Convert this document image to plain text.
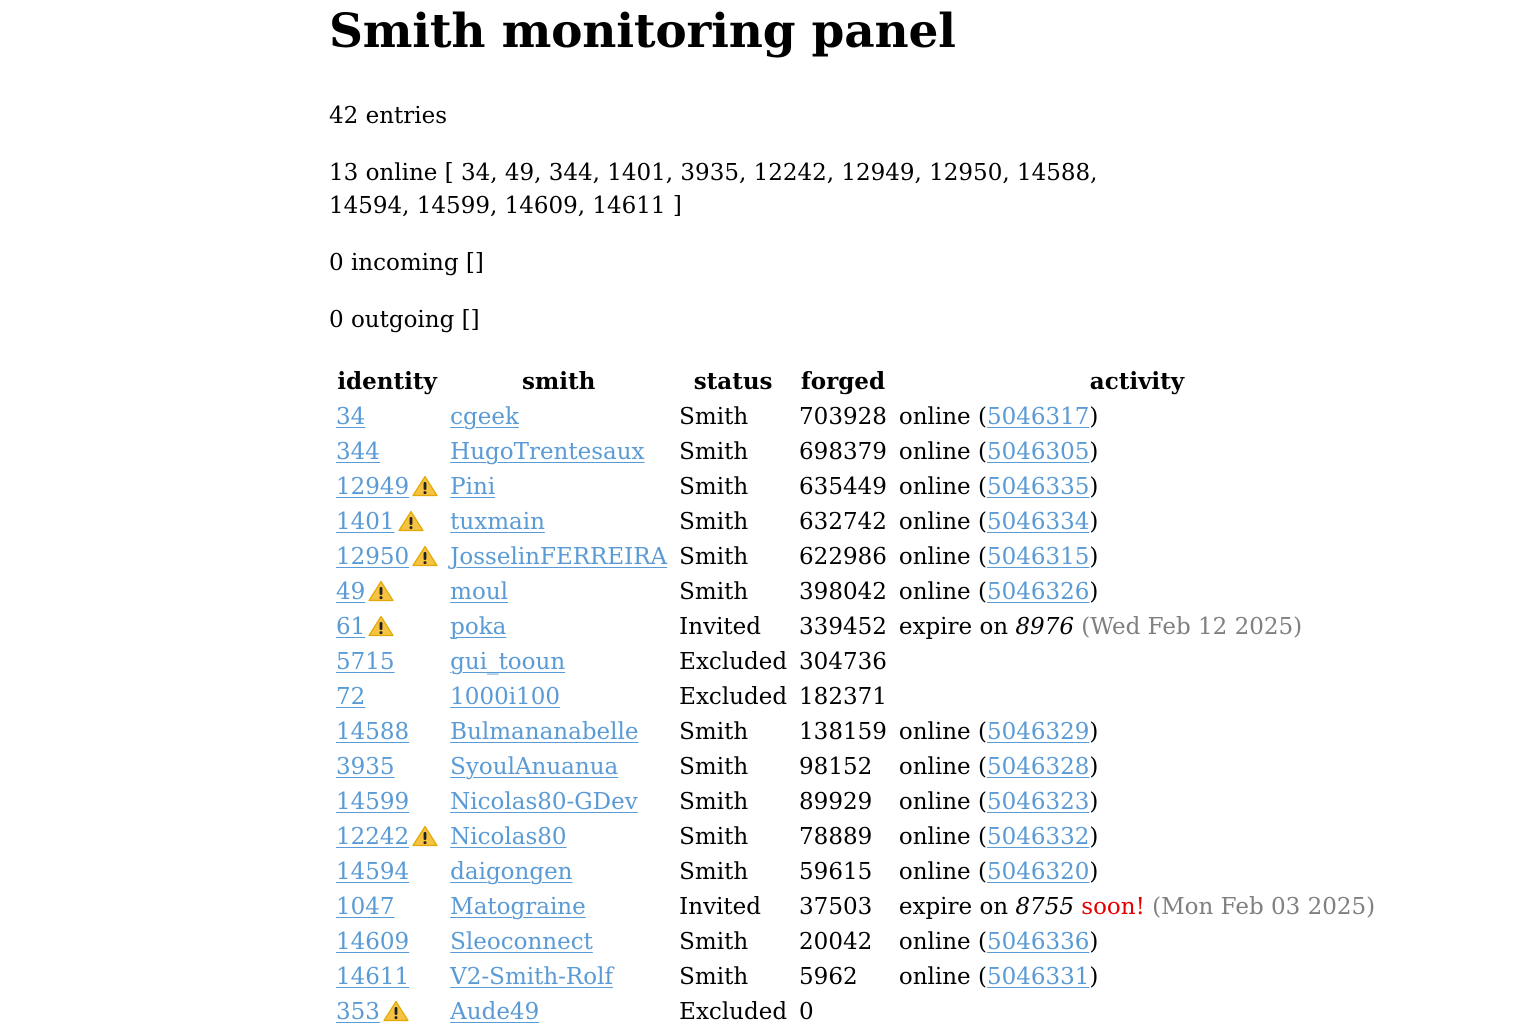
Smith monitoring panel

42 entries

13 online [ 34, 49, 344, 1401, 3935, 12242, 12949, 12950, 14588, 14594, 14599, 14609, 14611 ]

0 incoming []

0 outgoing []

identity	smith	status	forged	activity
34	cgeek	Smith	703928	online (5046317)
344	HugoTrentesaux	Smith	698379	online (5046305)
12949	Pini	Smith	635449	online (5046335)
1401	tuxmain	Smith	632742	online (5046334)
12950	JosselinFERREIRA	Smith	622986	online (5046315)
49	moul	Smith	398042	online (5046326)
61	poka	Invited	339452	expire on 8976 (Wed Feb 12 2025)
5715	gui_tooun	Excluded	304736	
72	1000i100	Excluded	182371	
14588	Bulmananabelle	Smith	138159	online (5046329)
3935	SyoulAnuanua	Smith	98152	online (5046328)
14599	Nicolas80-GDev	Smith	89929	online (5046323)
12242	Nicolas80	Smith	78889	online (5046332)
14594	daigongen	Smith	59615	online (5046320)
1047	Matograine	Invited	37503	expire on 8755 soon! (Mon Feb 03 2025)
14609	Sleoconnect	Smith	20042	online (5046336)
14611	V2-Smith-Rolf	Smith	5962	online (5046331)
353	Aude49	Excluded	0	
